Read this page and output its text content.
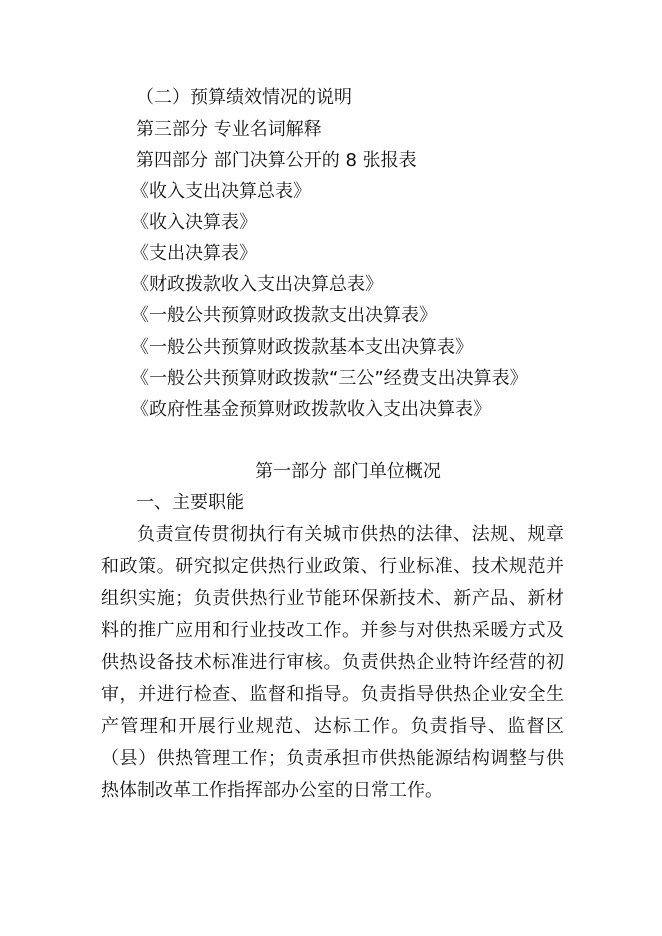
（二）预算绩效情况的说明
第三部分 专业名词解释
第四部分 部门决算公开的 8 张报表
《收入支出决算总表》
《收入决算表》
《支出决算表》
《财政拨款收入支出决算总表》
《一般公共预算财政拨款支出决算表》
《一般公共预算财政拨款基本支出决算表》
《一般公共预算财政拨款“三公”经费支出决算表》
《政府性基金预算财政拨款收入支出决算表》
第一部分 部门单位概况
一、主要职能
负责宣传贯彻执行有关城市供热的法律、法规、规章和政策。研究拟定供热行业政策、行业标准、技术规范并组织实施；负责供热行业节能环保新技术、新产品、新材料的推广应用和行业技改工作。并参与对供热采暖方式及供热设备技术标准进行审核。负责供热企业特许经营的初审，并进行检查、监督和指导。负责指导供热企业安全生产管理和开展行业规范、达标工作。负责指导、监督区（县）供热管理工作；负责承担市供热能源结构调整与供热体制改革工作指挥部办公室的日常工作。
